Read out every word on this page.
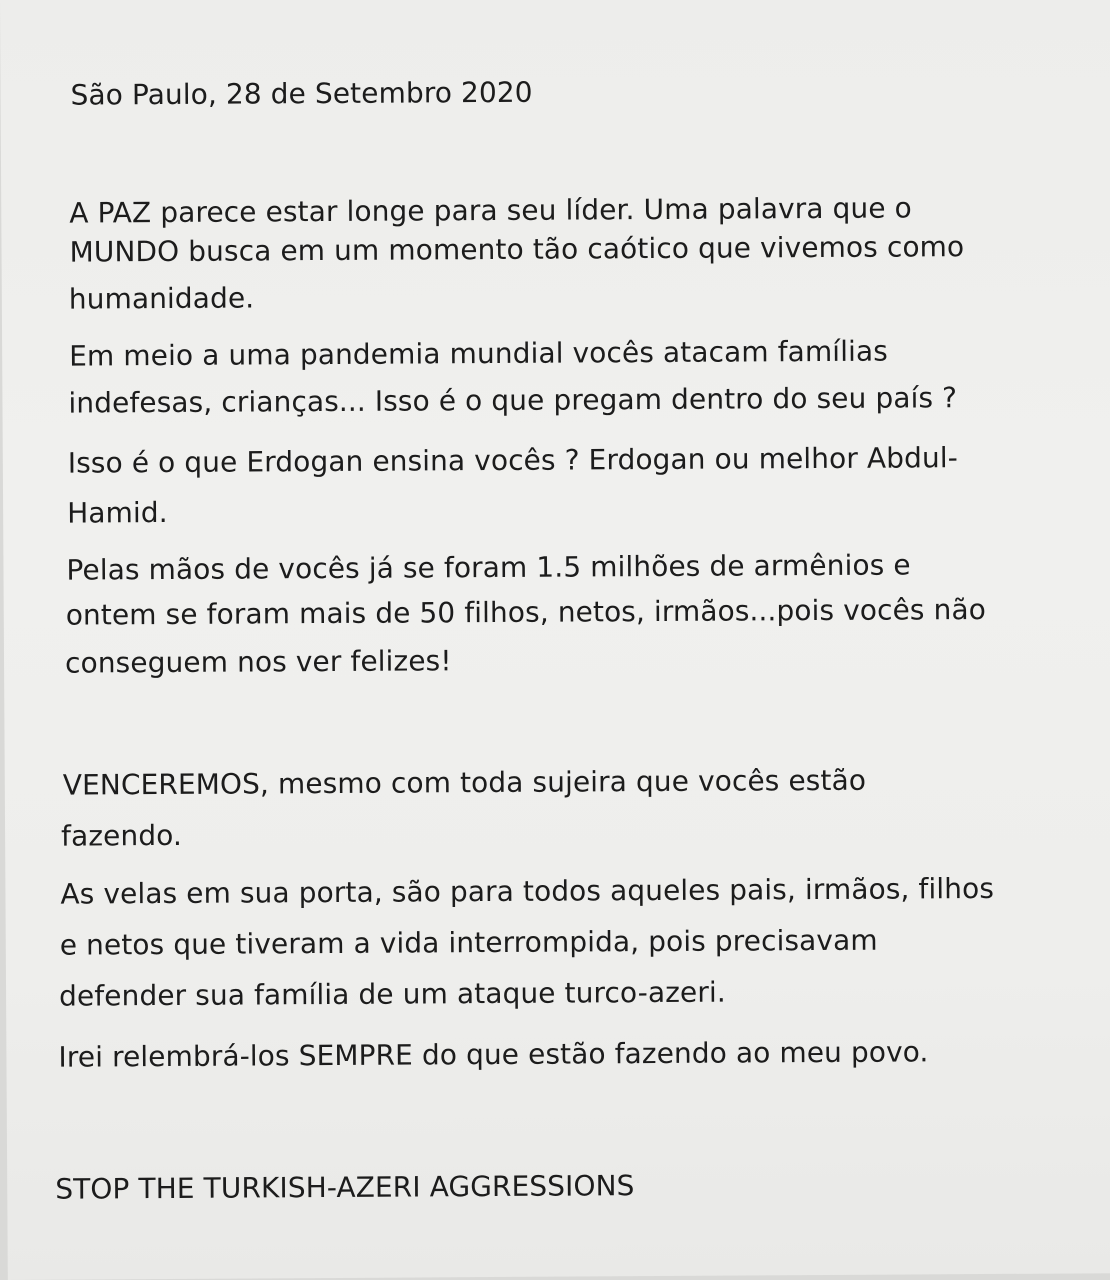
São Paulo, 28 de Setembro 2020
A PAZ parece estar longe para seu líder. Uma palavra que o
MUNDO busca em um momento tão caótico que vivemos como
humanidade.
Em meio a uma pandemia mundial vocês atacam famílias
indefesas, crianças... Isso é o que pregam dentro do seu país ?
Isso é o que Erdogan ensina vocês ? Erdogan ou melhor Abdul-
Hamid.
Pelas mãos de vocês já se foram 1.5 milhões de armênios e
ontem se foram mais de 50 filhos, netos, irmãos...pois vocês não
conseguem nos ver felizes!
VENCEREMOS, mesmo com toda sujeira que vocês estão
fazendo.
As velas em sua porta, são para todos aqueles pais, irmãos, filhos
e netos que tiveram a vida interrompida, pois precisavam
defender sua família de um ataque turco-azeri.
Irei relembrá-los SEMPRE do que estão fazendo ao meu povo.
STOP THE TURKISH-AZERI AGGRESSIONS
